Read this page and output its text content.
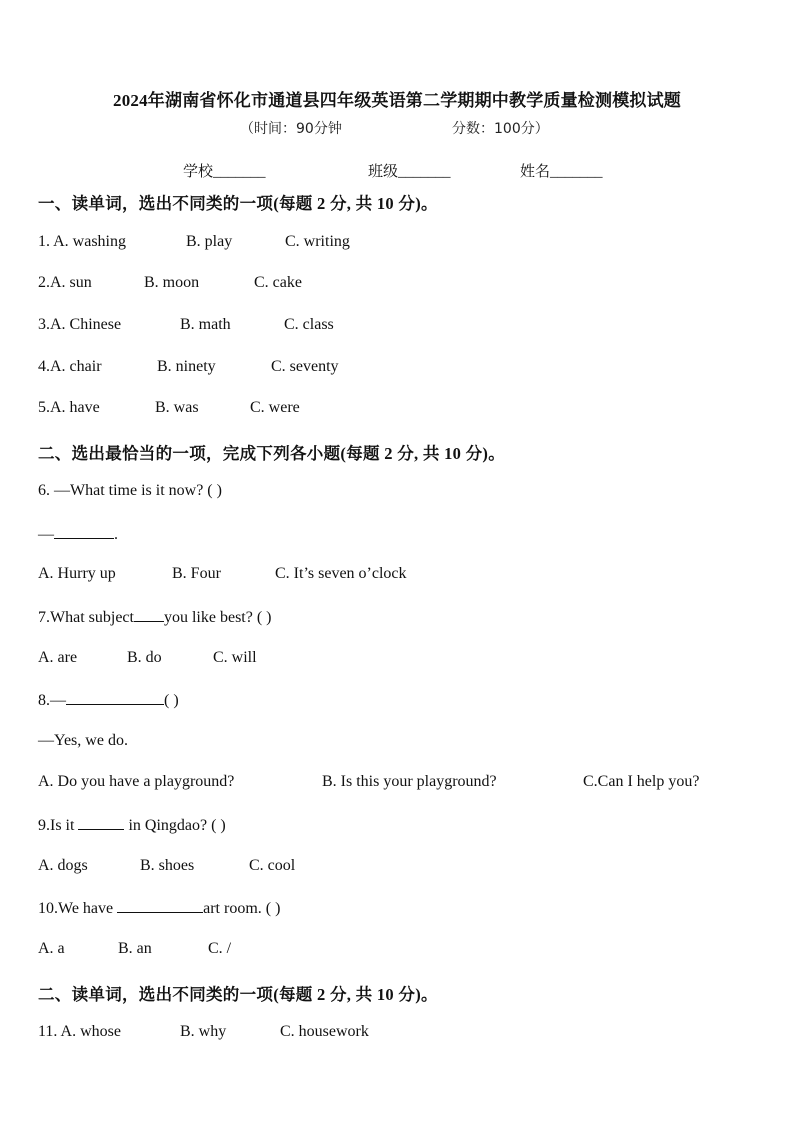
2024年湖南省怀化市通道县四年级英语第二学期期中教学质量检测模拟试题
（时间：90分钟	分数：100分）
学校_______	班级_______	姓名_______
一、读单词，选出不同类的一项(每题 2 分, 共 10 分)。
1. A. washing	B. play	C. writing
2.A. sun	B. moon	C. cake
3.A. Chinese	B. math	C. class
4.A. chair	B. ninety	C. seventy
5.A. have	B. was	C. were
二、选出最恰当的一项，完成下列各小题(每题 2 分, 共 10 分)。
6. —What time is it now? ( )
—	.
A. Hurry up	B. Four	C. It’s seven o’clock
7.What subject you like best? ( )
A. are	B. do	C. will
8.—	( )
—Yes, we do.
A. Do you have a playground?	B. Is this your playground?	C.Can I help you?
9.Is it	in Qingdao? ( )
A. dogs	B. shoes	C. cool
10.We have	art room. ( )
A. a	B. an	C. /
二、读单词，选出不同类的一项(每题 2 分, 共 10 分)。
11. A. whose	B. why	C. housework
